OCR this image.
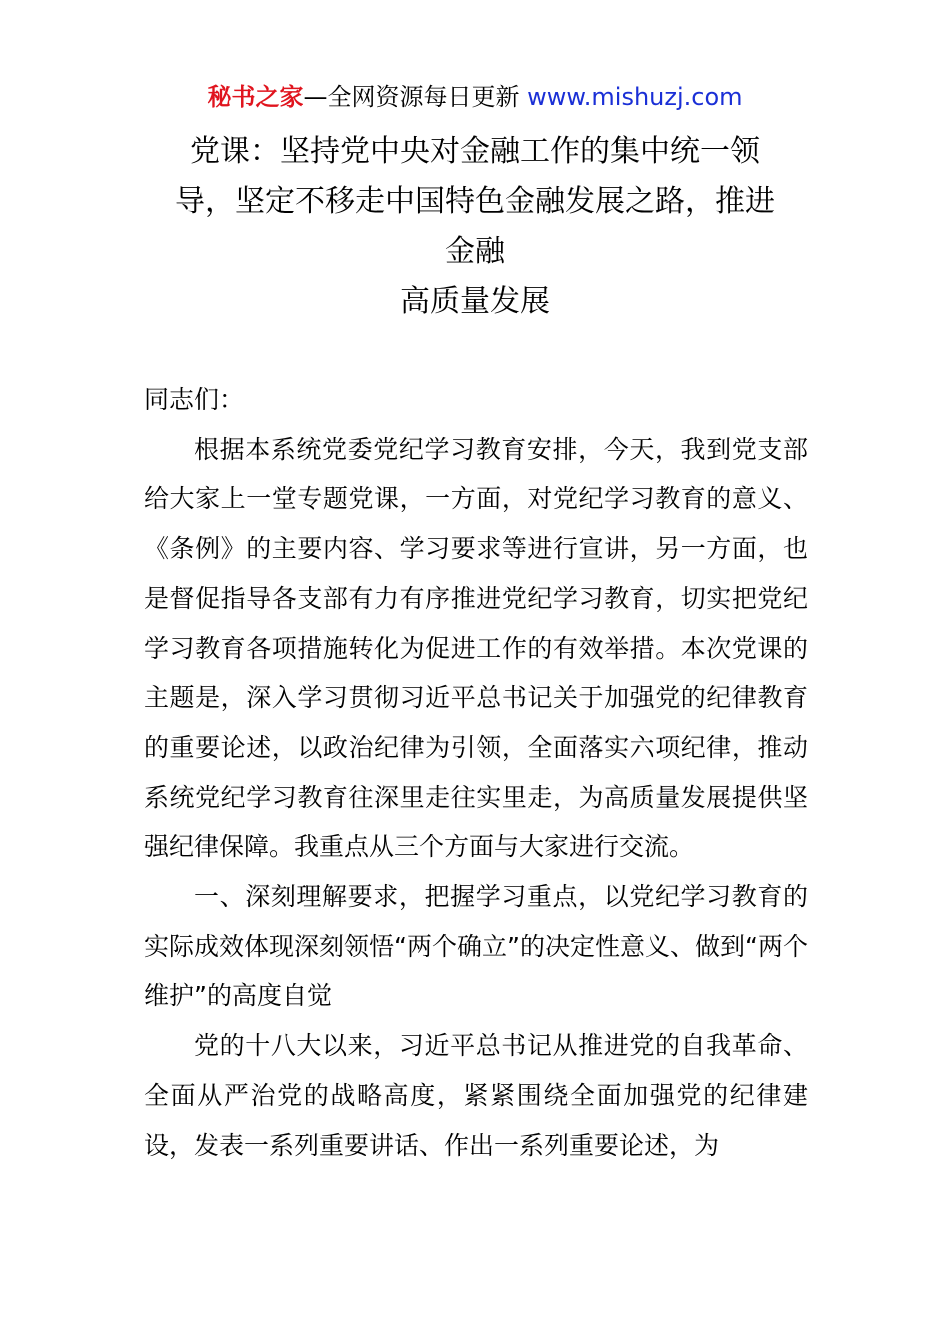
秘书之家—全网资源每日更新 www.mishuzj.com
党课：坚持党中央对金融工作的集中统一领
导，坚定不移走中国特色金融发展之路，推进
金融
高质量发展

同志们：

根据本系统党委党纪学习教育安排，今天，我到党支部给大家上一堂专题党课，一方面，对党纪学习教育的意义、《条例》的主要内容、学习要求等进行宣讲，另一方面，也是督促指导各支部有力有序推进党纪学习教育，切实把党纪学习教育各项措施转化为促进工作的有效举措。本次党课的主题是，深入学习贯彻习近平总书记关于加强党的纪律教育的重要论述，以政治纪律为引领，全面落实六项纪律，推动系统党纪学习教育往深里走往实里走，为高质量发展提供坚强纪律保障。我重点从三个方面与大家进行交流。

一、深刻理解要求，把握学习重点，以党纪学习教育的实际成效体现深刻领悟“两个确立”的决定性意义、做到“两个维护”的高度自觉

党的十八大以来，习近平总书记从推进党的自我革命、全面从严治党的战略高度，紧紧围绕全面加强党的纪律建设，发表一系列重要讲话、作出一系列重要论述，为
